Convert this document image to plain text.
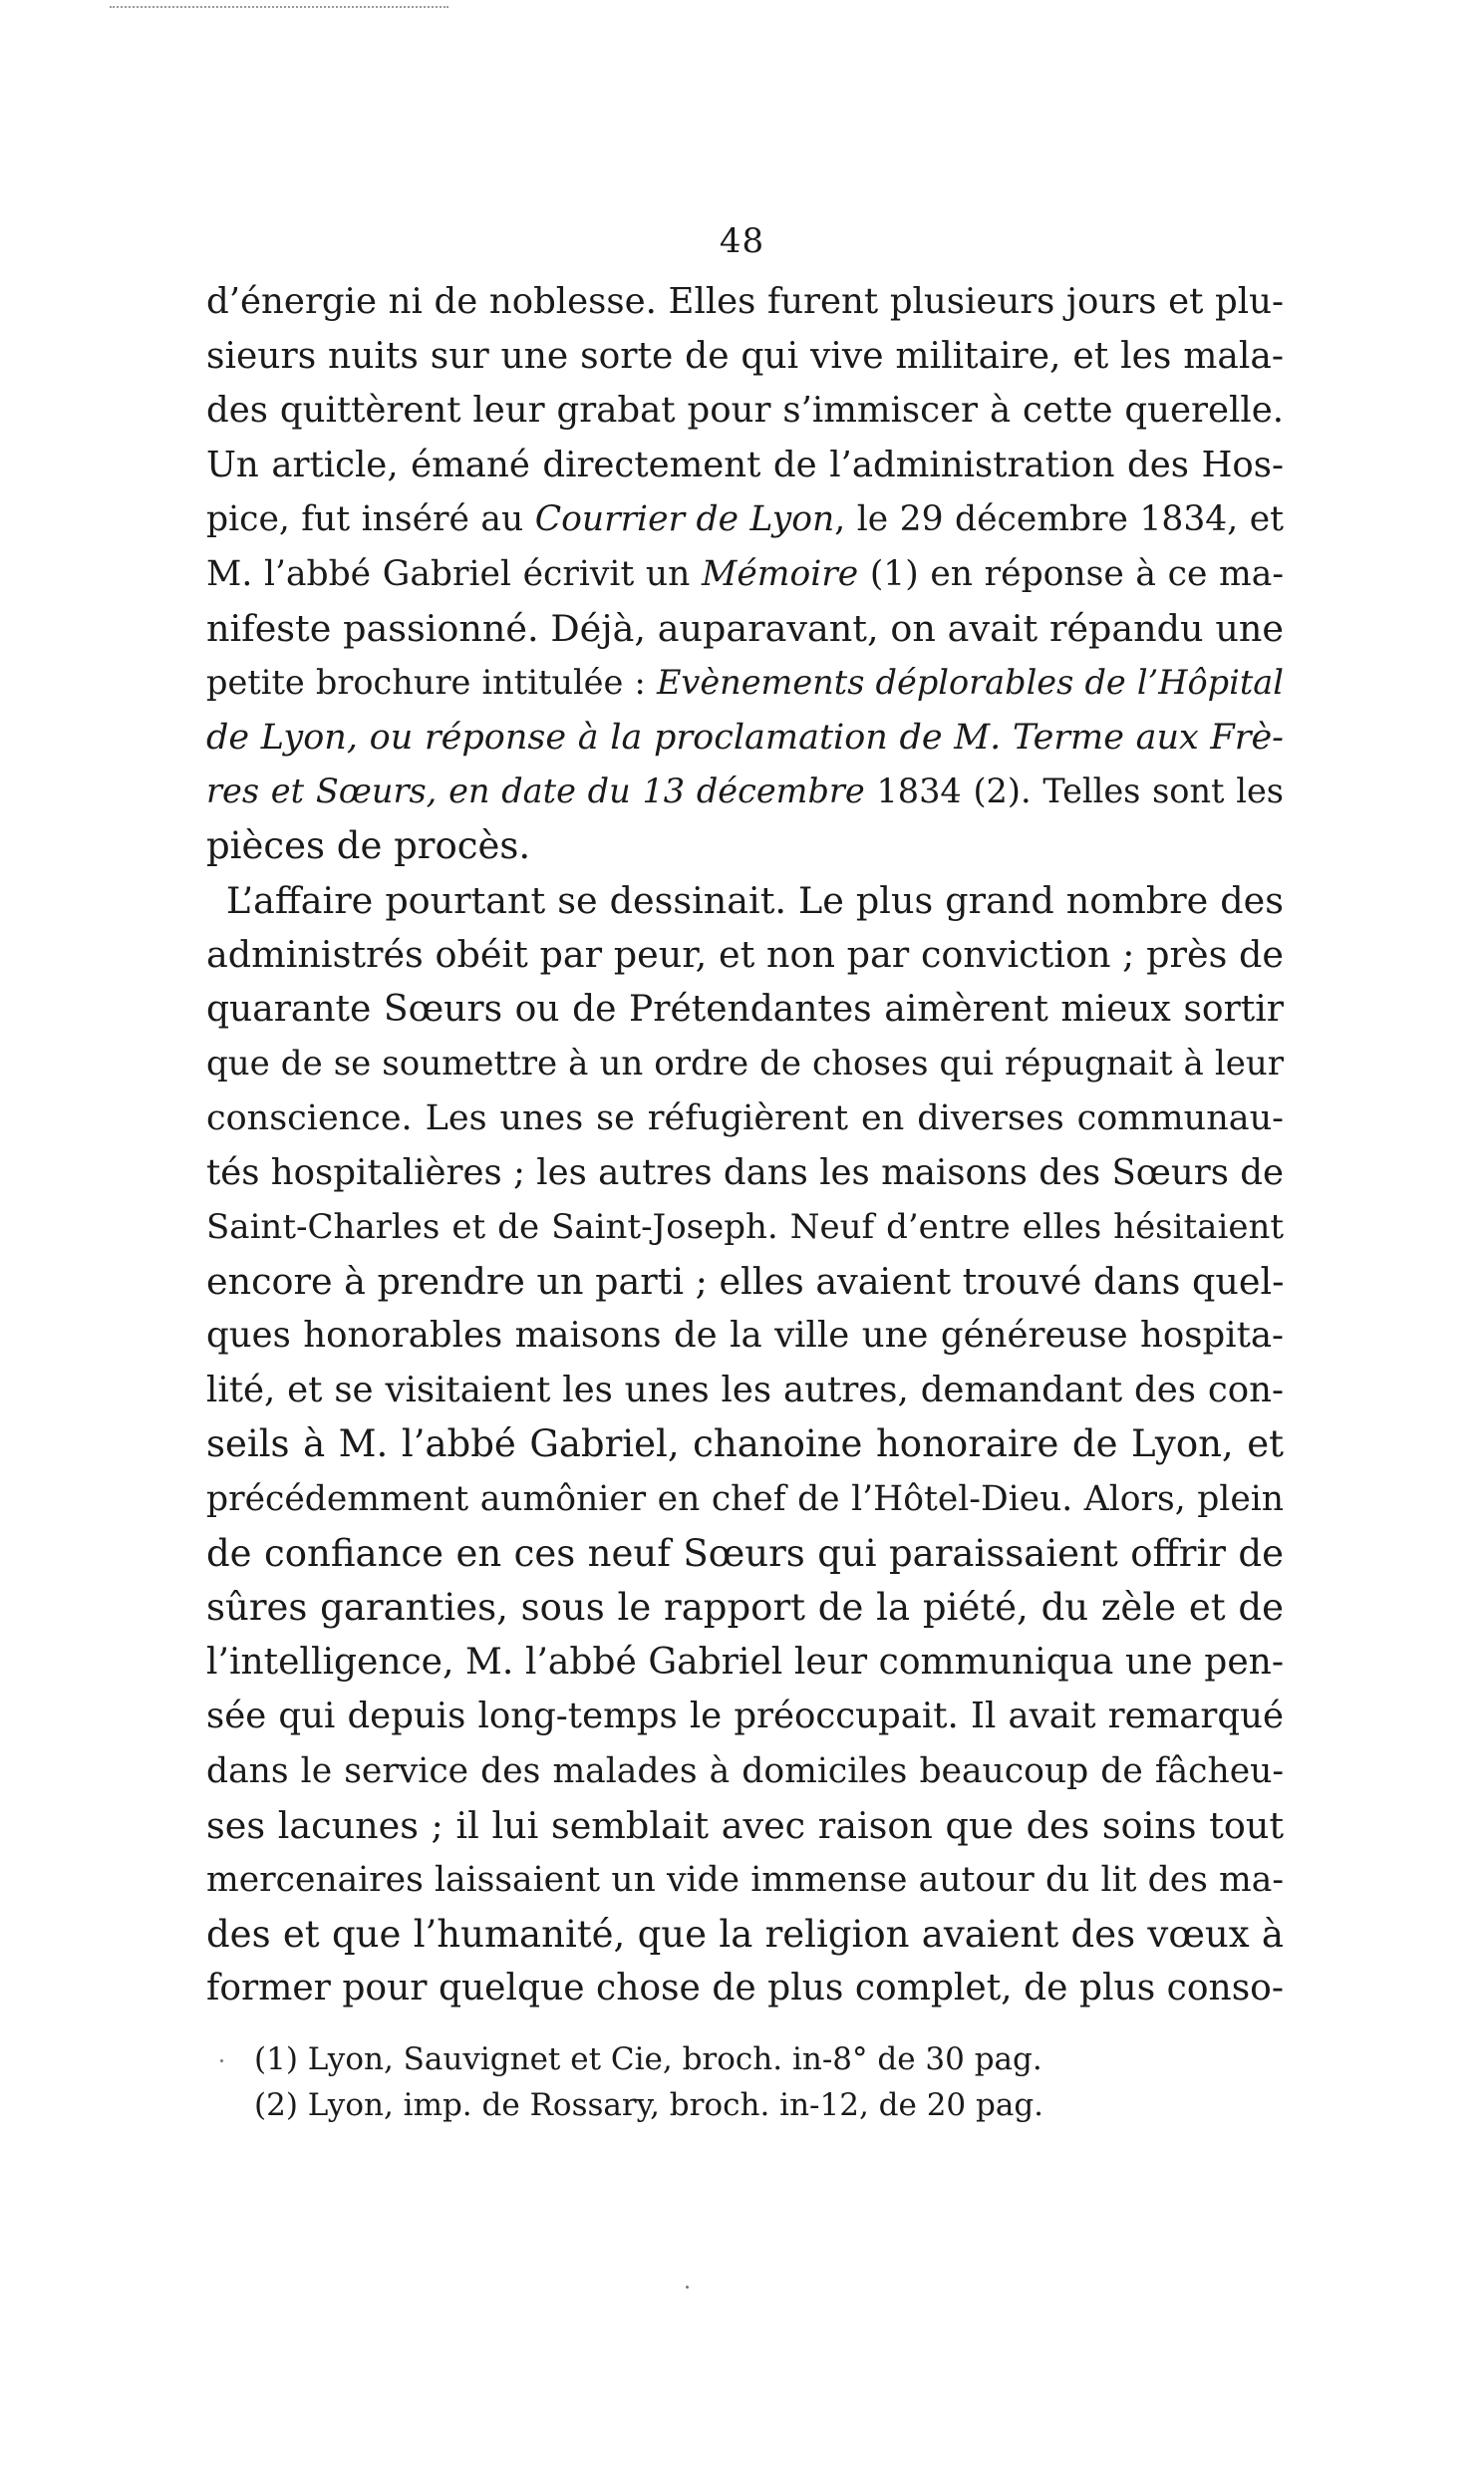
48
d’énergie ni de noblesse. Elles furent plusieurs jours et plu-
sieurs nuits sur une sorte de qui vive militaire, et les mala-
des quittèrent leur grabat pour s’immiscer à cette querelle.
Un article, émané directement de l’administration des Hos-
pice, fut inséré au Courrier de Lyon, le 29 décembre 1834, et
M. l’abbé Gabriel écrivit un Mémoire (1) en réponse à ce ma-
nifeste passionné. Déjà, auparavant, on avait répandu une
petite brochure intitulée : Evènements déplorables de l’Hôpital
de Lyon, ou réponse à la proclamation de M. Terme aux Frè-
res et Sœurs, en date du 13 décembre 1834 (2). Telles sont les
pièces de procès.
L’affaire pourtant se dessinait. Le plus grand nombre des
administrés obéit par peur, et non par conviction ; près de
quarante Sœurs ou de Prétendantes aimèrent mieux sortir
que de se soumettre à un ordre de choses qui répugnait à leur
conscience. Les unes se réfugièrent en diverses communau-
tés hospitalières ; les autres dans les maisons des Sœurs de
Saint-Charles et de Saint-Joseph. Neuf d’entre elles hésitaient
encore à prendre un parti ; elles avaient trouvé dans quel-
ques honorables maisons de la ville une généreuse hospita-
lité, et se visitaient les unes les autres, demandant des con-
seils à M. l’abbé Gabriel, chanoine honoraire de Lyon, et
précédemment aumônier en chef de l’Hôtel-Dieu. Alors, plein
de confiance en ces neuf Sœurs qui paraissaient offrir de
sûres garanties, sous le rapport de la piété, du zèle et de
l’intelligence, M. l’abbé Gabriel leur communiqua une pen-
sée qui depuis long-temps le préoccupait. Il avait remarqué
dans le service des malades à domiciles beaucoup de fâcheu-
ses lacunes ; il lui semblait avec raison que des soins tout
mercenaires laissaient un vide immense autour du lit des ma-
des et que l’humanité, que la religion avaient des vœux à
former pour quelque chose de plus complet, de plus conso-
(1) Lyon, Sauvignet et Cie, broch. in-8° de 30 pag.
(2) Lyon, imp. de Rossary, broch. in-12, de 20 pag.
